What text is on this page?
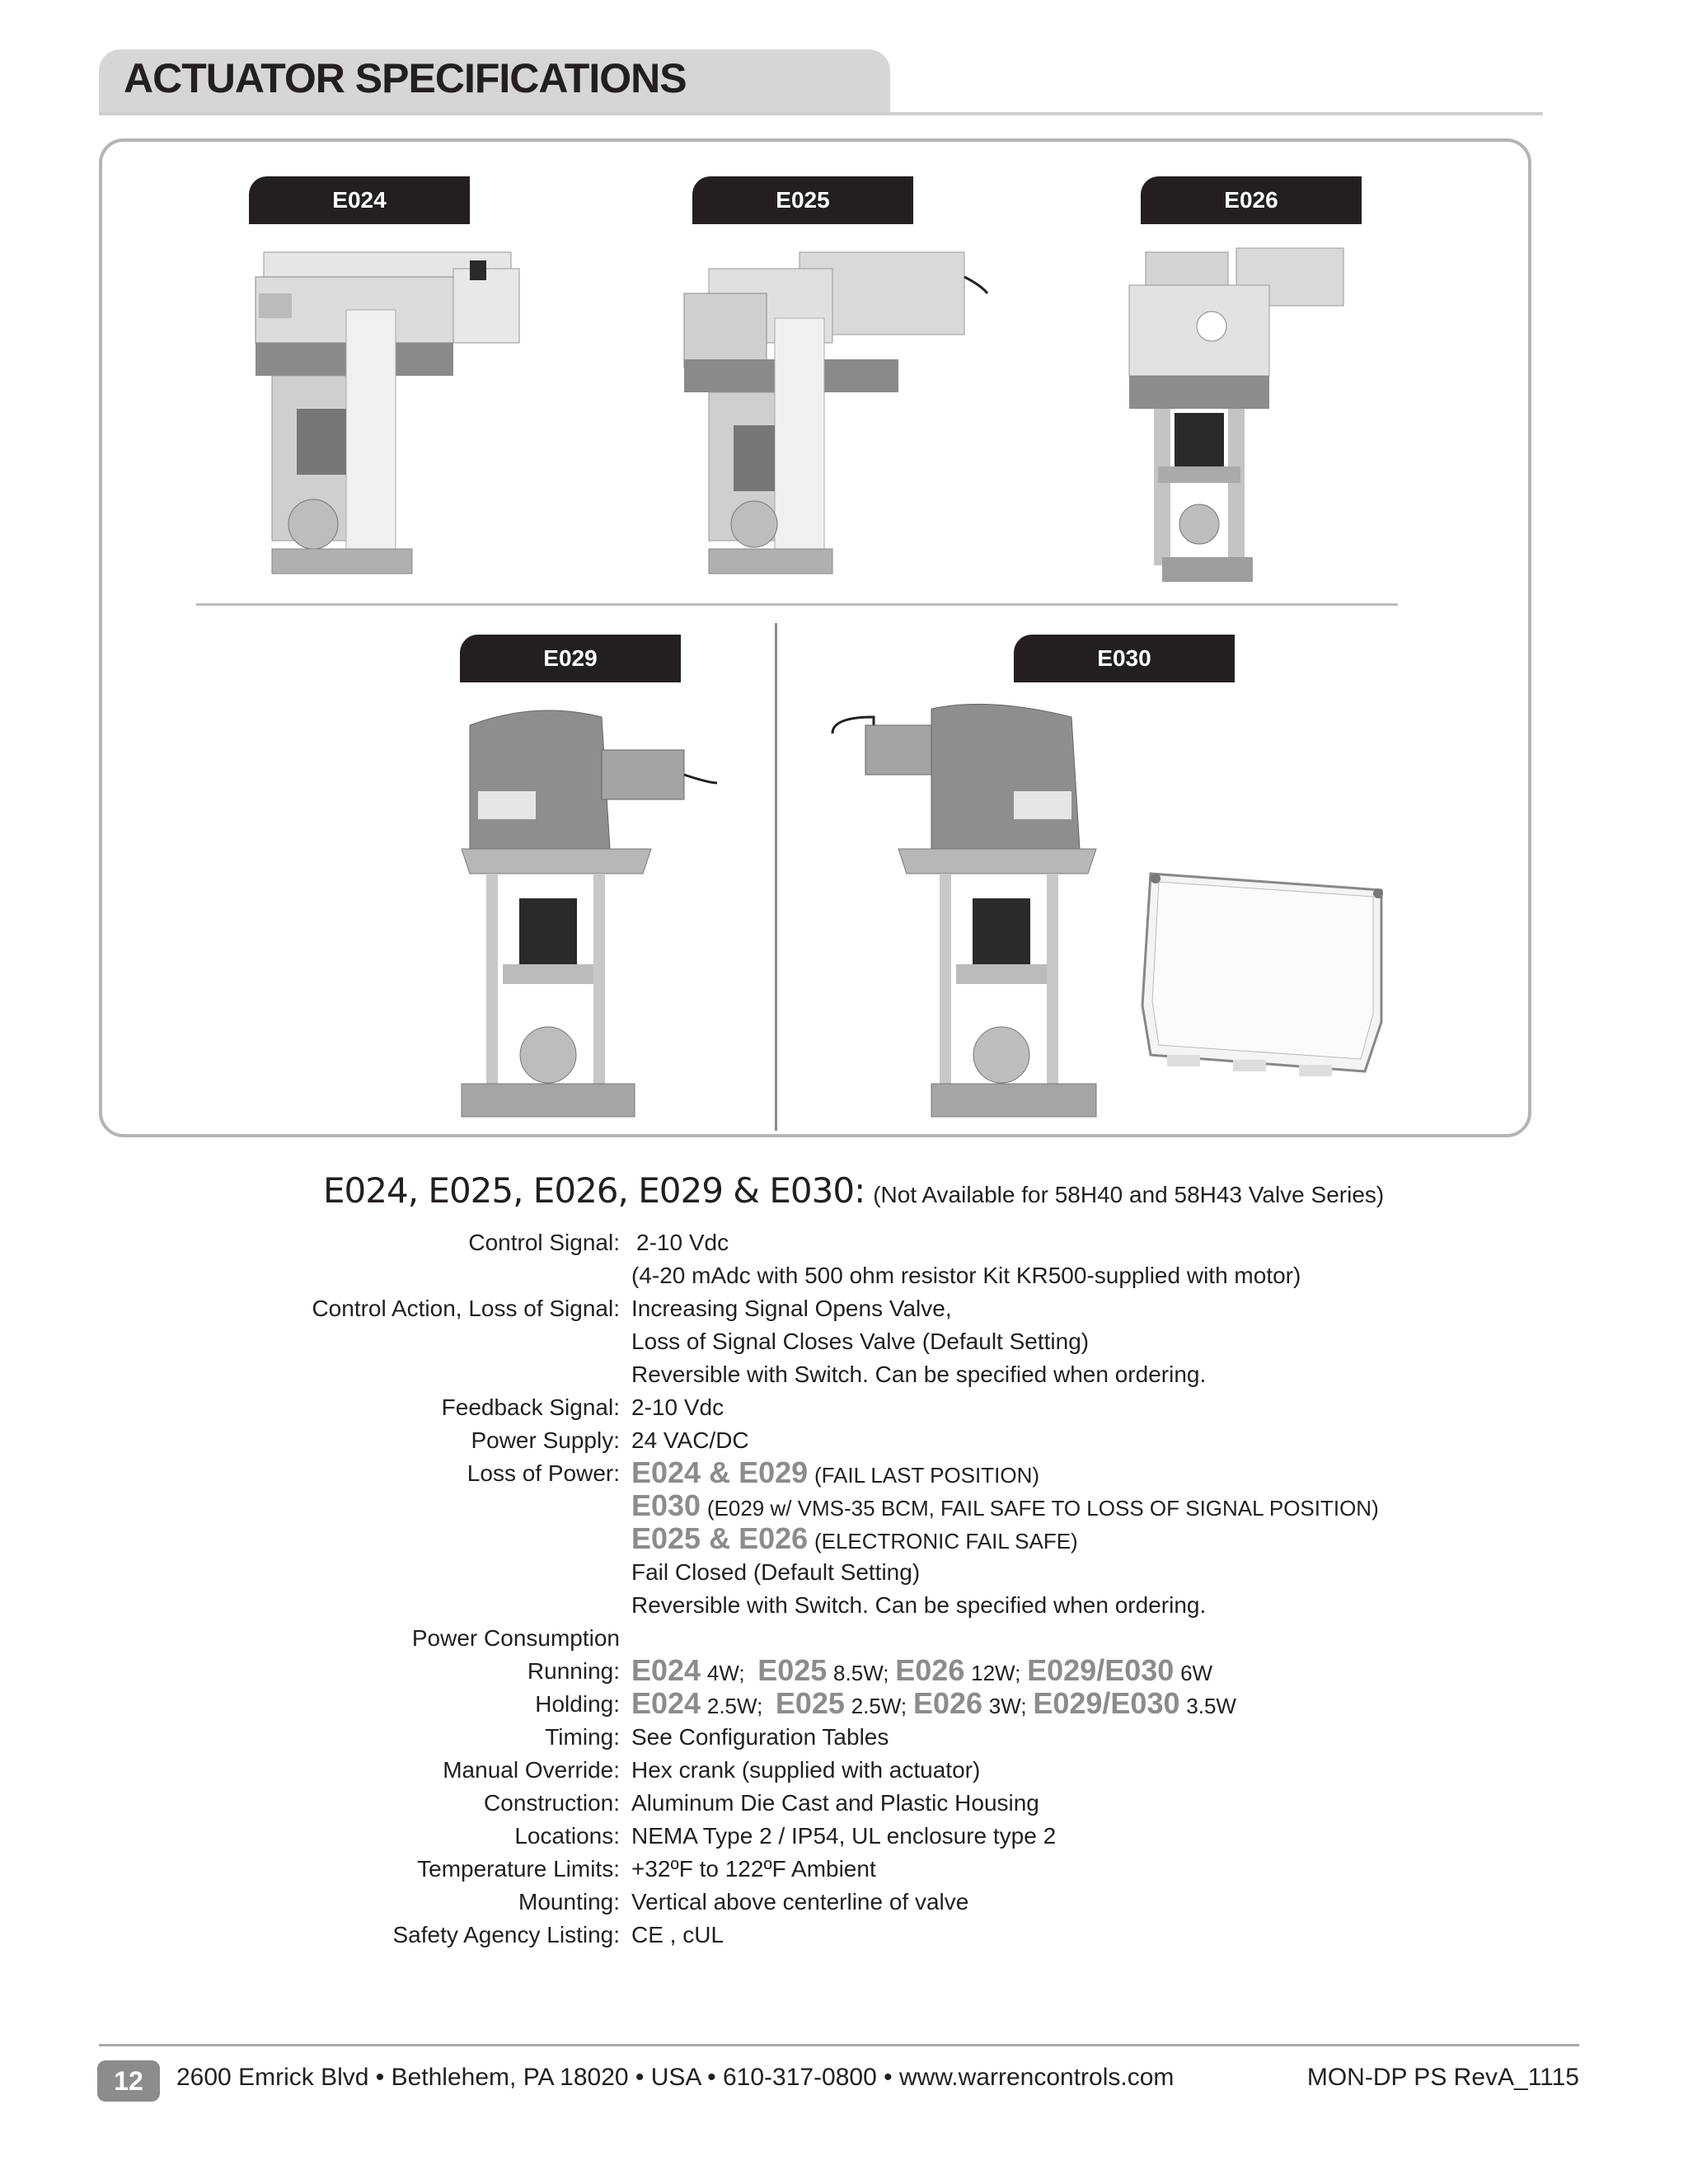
ACTUATOR SPECIFICATIONS
E024	E025	E026
E029	E030
E024, E025, E026, E029 & E030: (Not Available for 58H40 and 58H43 Valve Series)
Control Signal: 2-10 Vdc
(4-20 mAdc with 500 ohm resistor Kit KR500-supplied with motor)
Control Action, Loss of Signal: Increasing Signal Opens Valve,
Loss of Signal Closes Valve (Default Setting)
Reversible with Switch. Can be specified when ordering.
Feedback Signal: 2-10 Vdc
Power Supply: 24 VAC/DC
Loss of Power: E024 & E029 (FAIL LAST POSITION)
E030 (E029 w/ VMS-35 BCM, FAIL SAFE TO LOSS OF SIGNAL POSITION)
E025 & E026 (ELECTRONIC FAIL SAFE)
Fail Closed (Default Setting)
Reversible with Switch. Can be specified when ordering.
Power Consumption
Running: E024 4W; E025 8.5W; E026 12W; E029/E030 6W
Holding: E024 2.5W; E025 2.5W; E026 3W; E029/E030 3.5W
Timing: See Configuration Tables
Manual Override: Hex crank (supplied with actuator)
Construction: Aluminum Die Cast and Plastic Housing
Locations: NEMA Type 2 / IP54, UL enclosure type 2
Temperature Limits: +32ºF to 122ºF Ambient
Mounting: Vertical above centerline of valve
Safety Agency Listing: CE , cUL
12	2600 Emrick Blvd • Bethlehem, PA 18020 • USA • 610-317-0800 • www.warrencontrols.com	MON-DP PS RevA_1115
